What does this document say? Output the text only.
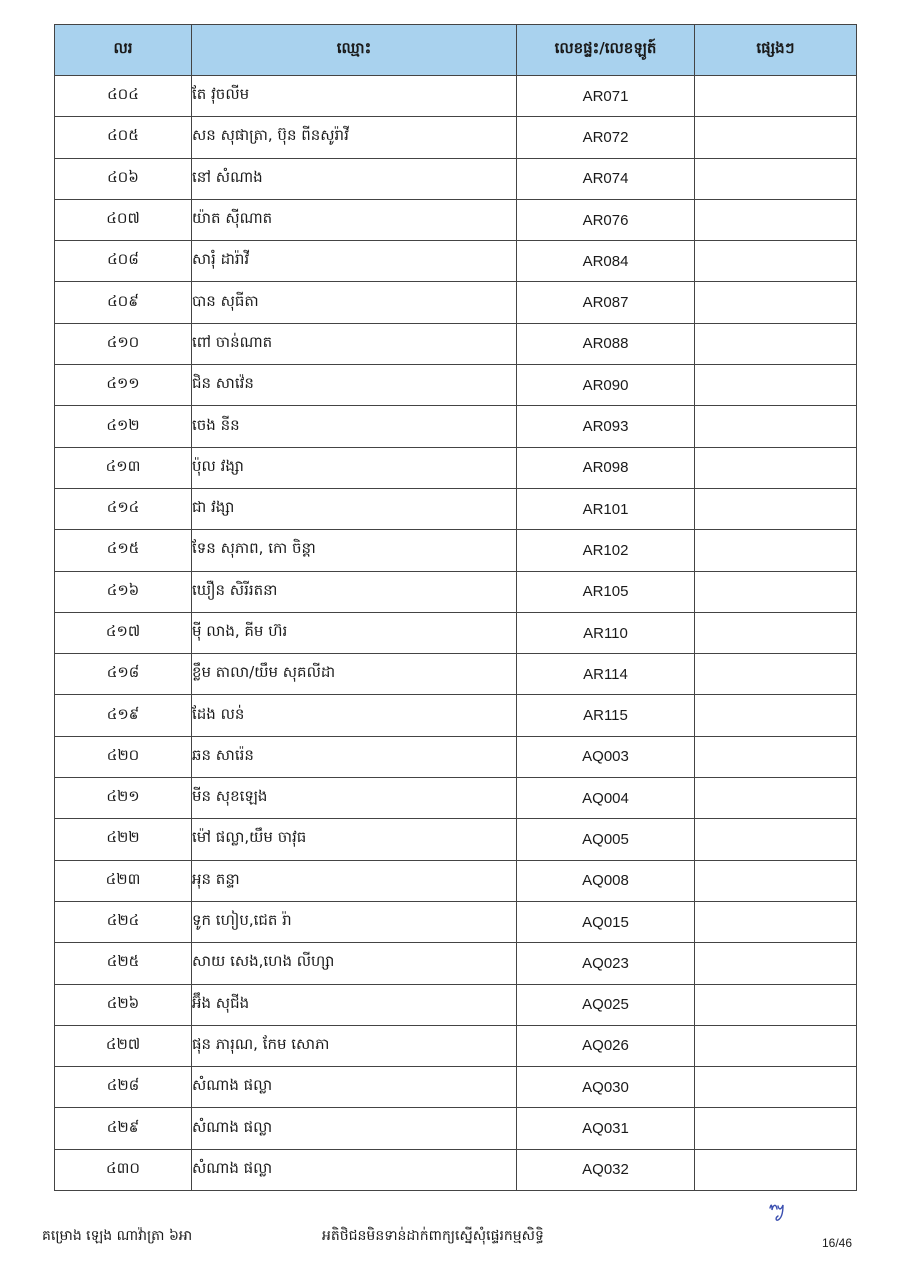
លរ	ឈ្មោះ	លេខផ្ទះ/លេខឡូត៍	ផ្សេងៗ
៤០៤	តែ វុចលីម	AR071	
៤០៥	សន សុផាត្រា, ប៊ុន ពីនសូរ៉ាវី	AR072	
៤០៦	នៅ សំណាង	AR074	
៤០៧	យ៉ាត ស៊ីណាត	AR076	
៤០៨	សារុំ ដារ៉ាវី	AR084	
៤០៩	បាន សុធីតា	AR087	
៤១០	ពៅ ចាន់ណាត	AR088	
៤១១	ជិន សាវ៉េន	AR090	
៤១២	ចេង នីន	AR093	
៤១៣	ប៉ុល វង្សា	AR098	
៤១៤	ជា វង្សា	AR101	
៤១៥	ទែន សុភាព, កោ ចិន្តា	AR102	
៤១៦	ឃឿន សិរីរតនា	AR105	
៤១៧	ម៉ី លាង, គីម ហ៊រ	AR110	
៤១៨	ខ្លឹម តាលា/យឹម សុគលីដា	AR114	
៤១៩	ដែង លន់	AR115	
៤២០	ឆន សារ៉េន	AQ003	
៤២១	មីន សុខឡេង	AQ004	
៤២២	ម៉ៅ ផល្លា,យឹម ចាវុធ	AQ005	
៤២៣	អុន តន្ទា	AQ008	
៤២៤	ទូក ហៀប,ជេត រ៉ា	AQ015	
៤២៥	សាយ សេង,ហេង លីហ្សា	AQ023	
៤២៦	អ៊ឹង សុជីង	AQ025	
៤២៧	ផុន ភារុណ, កែម សោភា	AQ026	
៤២៨	សំណាង ផល្លា	AQ030	
៤២៩	សំណាង ផល្លា	AQ031	
៤៣០	សំណាង ផល្លា	AQ032	
គម្រោង ឡេង ណាវ៉ាត្រា ៦អា	អតិថិជនមិនទាន់ដាក់ពាក្យស្នើសុំផ្ទេរកម្មសិទ្ធិ	16/46
